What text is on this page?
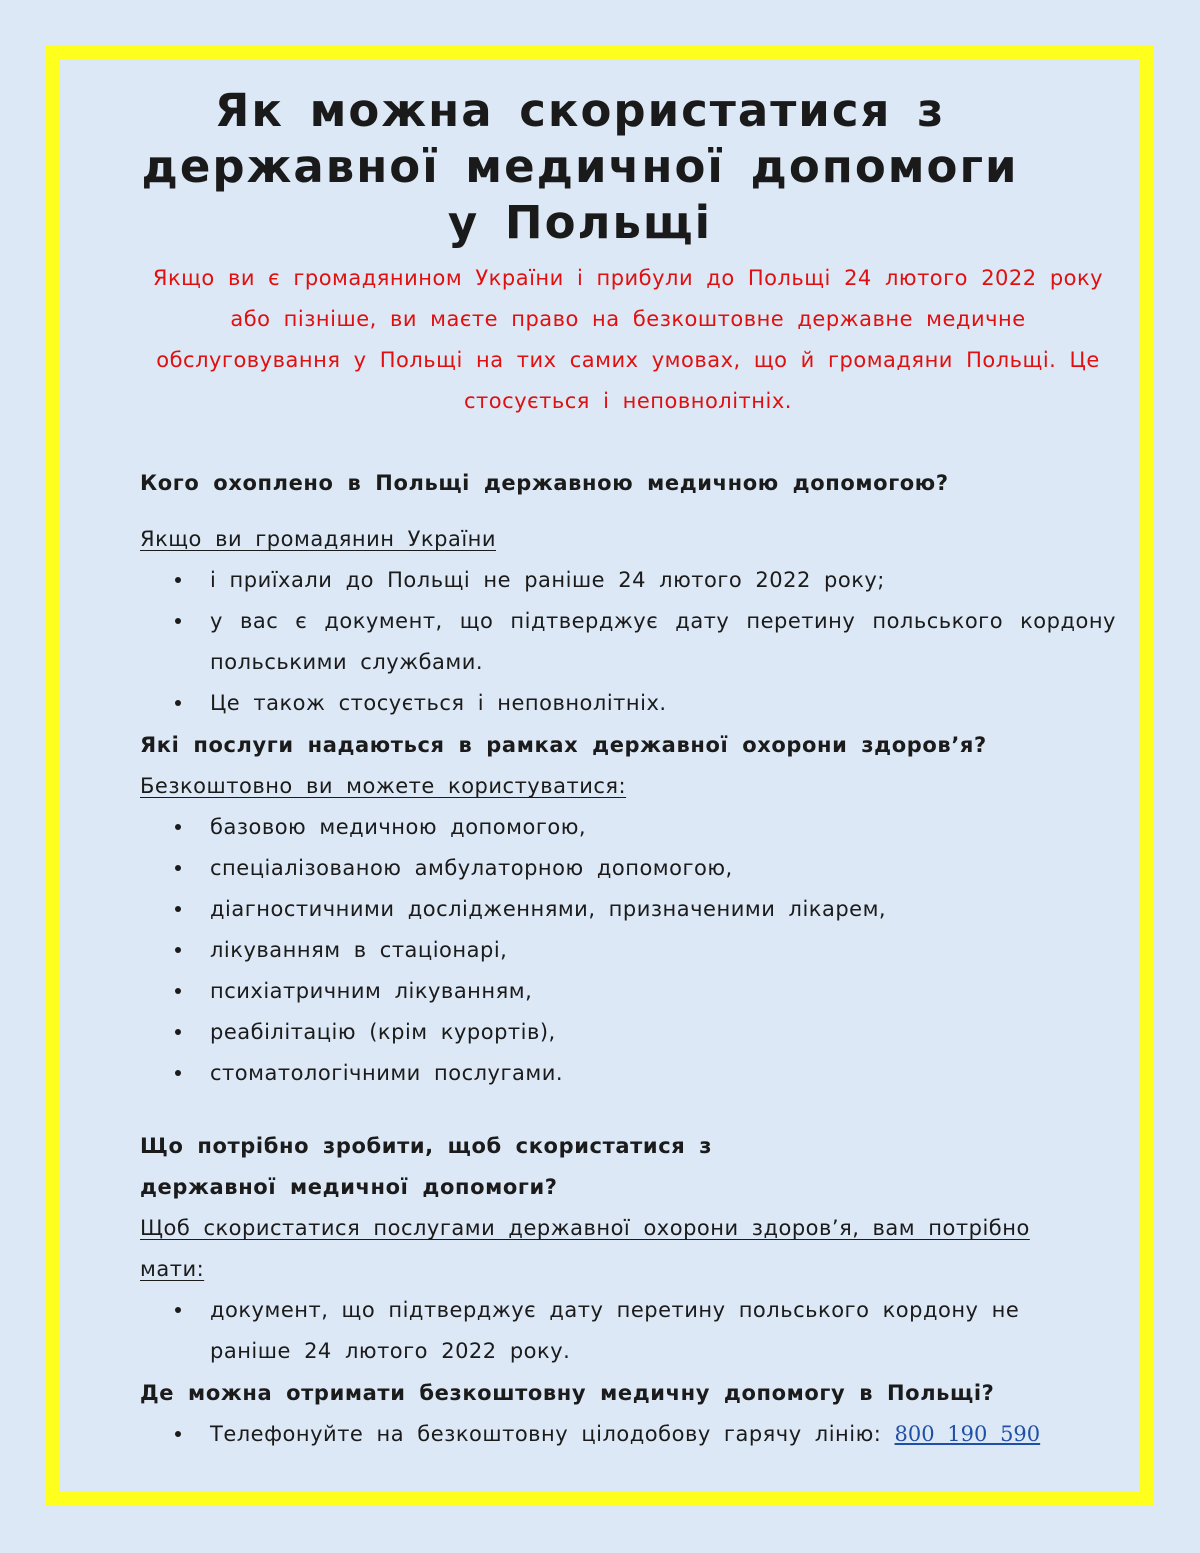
Як можна скористатися з державної медичної допомоги у Польщі

Якщо ви є громадянином України і прибули до Польщі 24 лютого 2022 року або пізніше, ви маєте право на безкоштовне державне медичне обслуговування у Польщі на тих самих умовах, що й громадяни Польщі. Це стосується і неповнолітніх.

Кого охоплено в Польщі державною медичною допомогою?
Якщо ви громадянин України
і приїхали до Польщі не раніше 24 лютого 2022 року;
у вас є документ, що підтверджує дату перетину польського кордону польськими службами.
Це також стосується і неповнолітніх.
Які послуги надаються в рамках державної охорони здоров’я?
Безкоштовно ви можете користуватися:
базовою медичною допомогою,
спеціалізованою амбулаторною допомогою,
діагностичними дослідженнями, призначеними лікарем,
лікуванням в стаціонарі,
психіатричним лікуванням,
реабілітацію (крім курортів),
стоматологічними послугами.
Що потрібно зробити, щоб скористатися з
державної медичної допомоги?
Щоб скористатися послугами державної охорони здоров’я, вам потрібно мати:
документ, що підтверджує дату перетину польського кордону не раніше 24 лютого 2022 року.
Де можна отримати безкоштовну медичну допомогу в Польщі?
Телефонуйте на безкоштовну цілодобову гарячу лінію: 800 190 590
